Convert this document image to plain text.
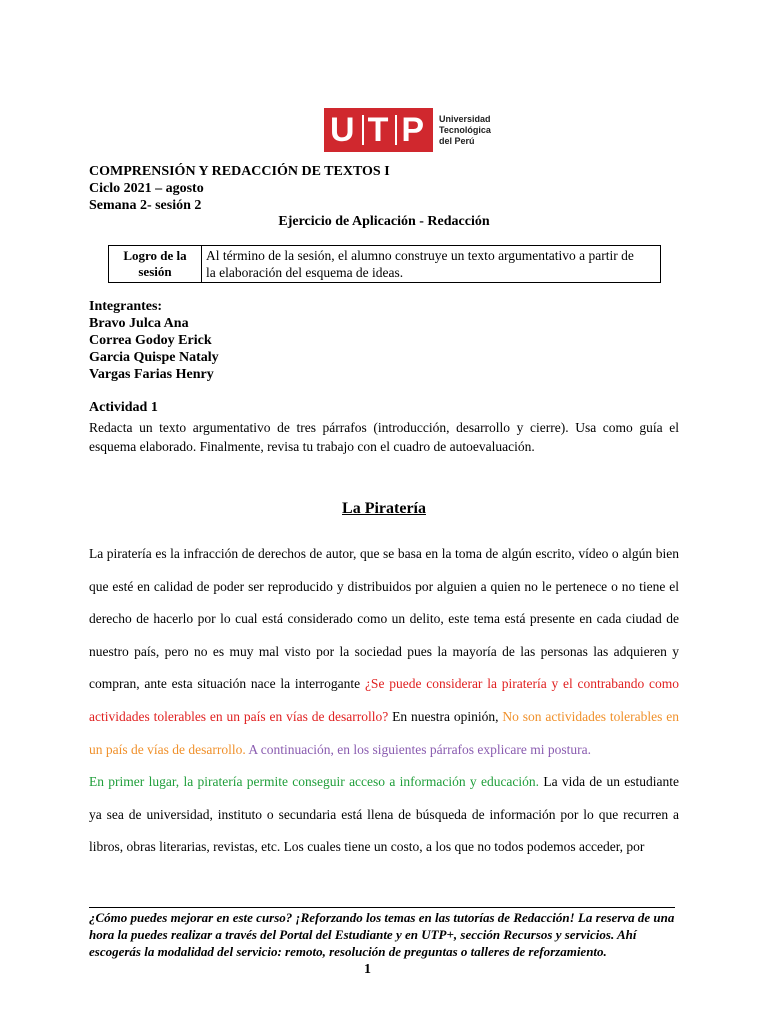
U T P Universidad
Tecnológica
del Perú
COMPRENSIÓN Y REDACCIÓN DE TEXTOS I
Ciclo 2021 – agosto
Semana 2- sesión 2
Ejercicio de Aplicación - Redacción
Logro de la
sesión
Al término de la sesión, el alumno construye un texto argumentativo a partir de
la elaboración del esquema de ideas.
Integrantes:
Bravo Julca Ana
Correa Godoy Erick
Garcia Quispe Nataly
Vargas Farias Henry
Actividad 1
Redacta un texto argumentativo de tres párrafos (introducción, desarrollo y cierre). Usa como guía el esquema elaborado. Finalmente, revisa tu trabajo con el cuadro de autoevaluación.
La Piratería

La piratería es la infracción de derechos de autor, que se basa en la toma de algún escrito, vídeo o algún bien que esté en calidad de poder ser reproducido y distribuidos por alguien a quien no le pertenece o no tiene el derecho de hacerlo por lo cual está considerado como un delito, este tema está presente en cada ciudad de nuestro país, pero no es muy mal visto por la sociedad pues la mayoría de las personas las adquieren y compran, ante esta situación nace la interrogante ¿Se puede considerar la piratería y el contrabando como actividades tolerables en un país en vías de desarrollo? En nuestra opinión, No son actividades tolerables en un país de vías de desarrollo. A continuación, en los siguientes párrafos explicare mi postura.

En primer lugar, la piratería permite conseguir acceso a información y educación. La vida de un estudiante ya sea de universidad, instituto o secundaria está llena de búsqueda de información por lo que recurren a libros, obras literarias, revistas, etc. Los cuales tiene un costo, a los que no todos podemos acceder, por

¿Cómo puedes mejorar en este curso? ¡Reforzando los temas en las tutorías de Redacción! La reserva de una hora la puedes realizar a través del Portal del Estudiante y en UTP+, sección Recursos y servicios. Ahí escogerás la modalidad del servicio: remoto, resolución de preguntas o talleres de reforzamiento.
1
